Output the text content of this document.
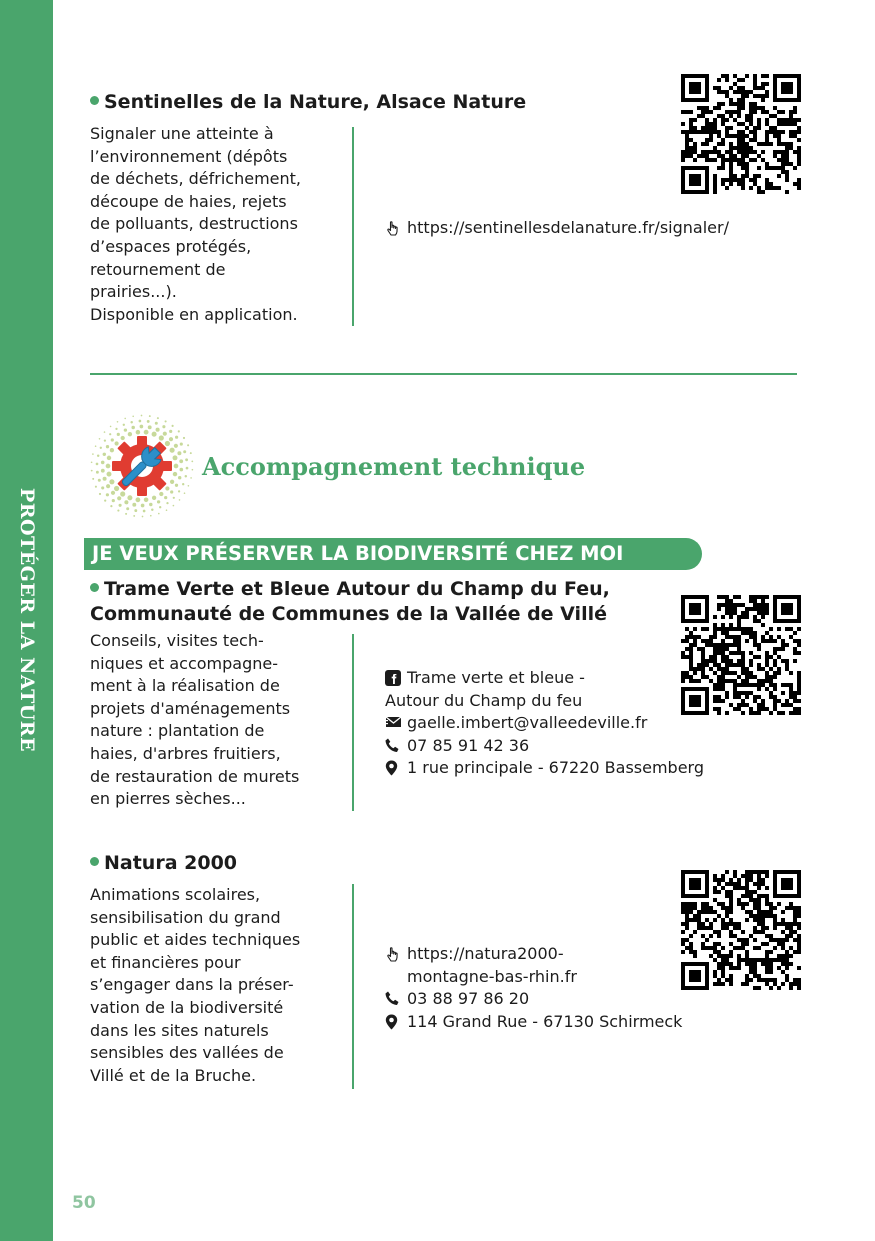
PROTÉGER LA NATURE
Sentinelles de la Nature, Alsace Nature
Signaler une atteinte à
l’environnement (dépôts
de déchets, défrichement,
découpe de haies, rejets
de polluants, destructions
d’espaces protégés,
retournement de
prairies...).
Disponible en application.
https://sentinellesdelanature.fr/signaler/
Accompagnement technique
JE VEUX PRÉSERVER LA BIODIVERSITÉ CHEZ MOI
Trame Verte et Bleue Autour du Champ du Feu,
Communauté de Communes de la Vallée de Villé
Conseils, visites tech-
niques et accompagne-
ment à la réalisation de
projets d'aménagements
nature : plantation de
haies, d'arbres fruitiers,
de restauration de murets
en pierres sèches...
Trame verte et bleue -
Autour du Champ du feu
gaelle.imbert@valleedeville.fr
07 85 91 42 36
1 rue principale - 67220 Bassemberg
Natura 2000
Animations scolaires,
sensibilisation du grand
public et aides techniques
et financières pour
s’engager dans la préser-
vation de la biodiversité
dans les sites naturels
sensibles des vallées de
Villé et de la Bruche.
https://natura2000-
montagne-bas-rhin.fr
03 88 97 86 20
114 Grand Rue - 67130 Schirmeck
50
